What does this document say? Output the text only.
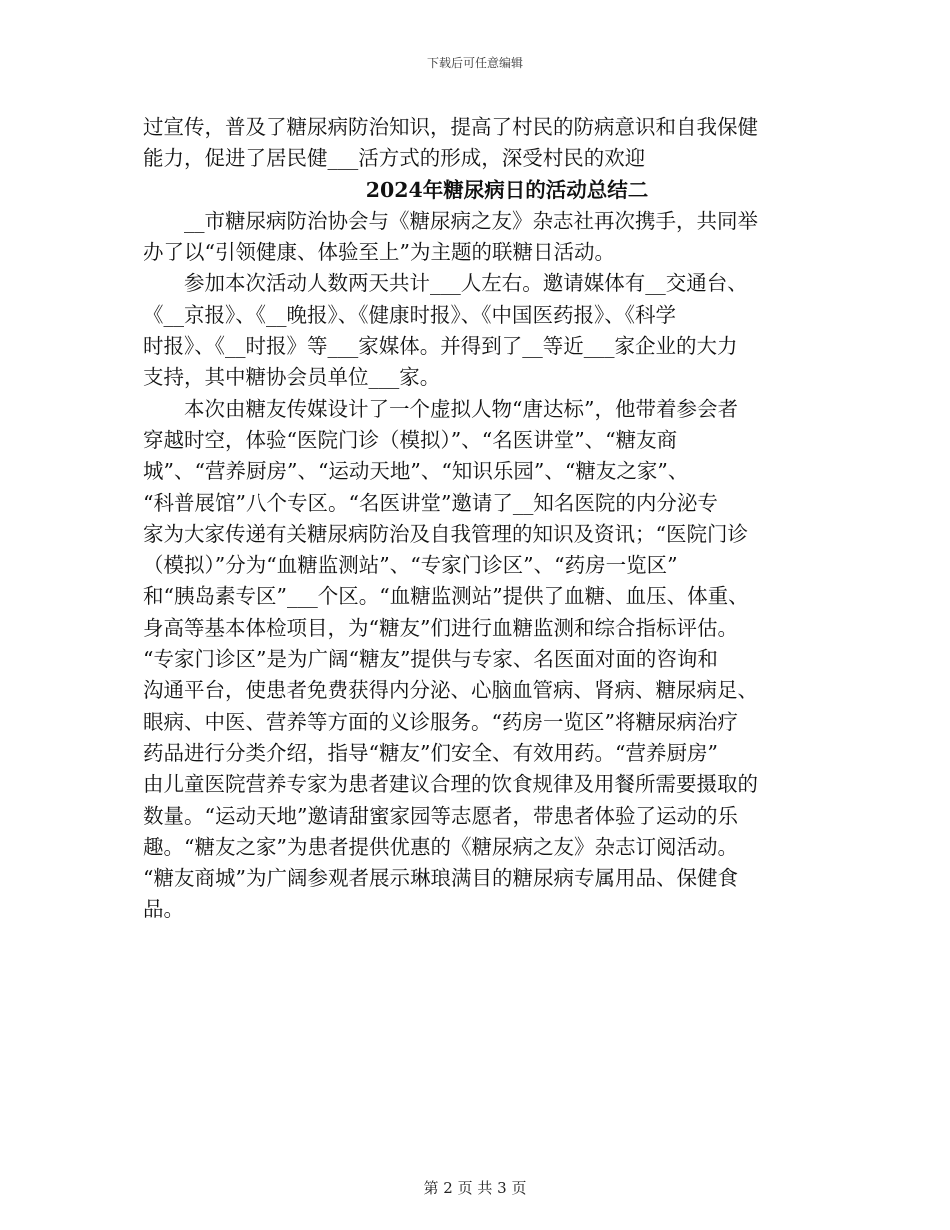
下载后可任意编辑
过宣传，普及了糖尿病防治知识，提高了村民的防病意识和自我保健
能力，促进了居民健___活方式的形成，深受村民的欢迎
2024年糖尿病日的活动总结二
　　__市糖尿病防治协会与《糖尿病之友》杂志社再次携手，共同举
办了以“引领健康、体验至上”为主题的联糖日活动。
　　参加本次活动人数两天共计___人左右。邀请媒体有__交通台、
《__京报》、《__晚报》、《健康时报》、《中国医药报》、《科学
时报》、《__时报》等___家媒体。并得到了__等近___家企业的大力
支持，其中糖协会员单位___家。
　　本次由糖友传媒设计了一个虚拟人物“唐达标”，他带着参会者
穿越时空，体验“医院门诊（模拟）”、“名医讲堂”、“糖友商
城”、“营养厨房”、“运动天地”、“知识乐园”、“糖友之家”、
“科普展馆”八个专区。“名医讲堂”邀请了__知名医院的内分泌专
家为大家传递有关糖尿病防治及自我管理的知识及资讯；“医院门诊
（模拟）”分为“血糖监测站”、“专家门诊区”、“药房一览区”
和“胰岛素专区”___个区。“血糖监测站”提供了血糖、血压、体重、
身高等基本体检项目，为“糖友”们进行血糖监测和综合指标评估。
“专家门诊区”是为广阔“糖友”提供与专家、名医面对面的咨询和
沟通平台，使患者免费获得内分泌、心脑血管病、肾病、糖尿病足、
眼病、中医、营养等方面的义诊服务。“药房一览区”将糖尿病治疗
药品进行分类介绍，指导“糖友”们安全、有效用药。“营养厨房”
由儿童医院营养专家为患者建议合理的饮食规律及用餐所需要摄取的
数量。“运动天地”邀请甜蜜家园等志愿者，带患者体验了运动的乐
趣。“糖友之家”为患者提供优惠的《糖尿病之友》杂志订阅活动。
“糖友商城”为广阔参观者展示琳琅满目的糖尿病专属用品、保健食
品。
第 2 页 共 3 页
